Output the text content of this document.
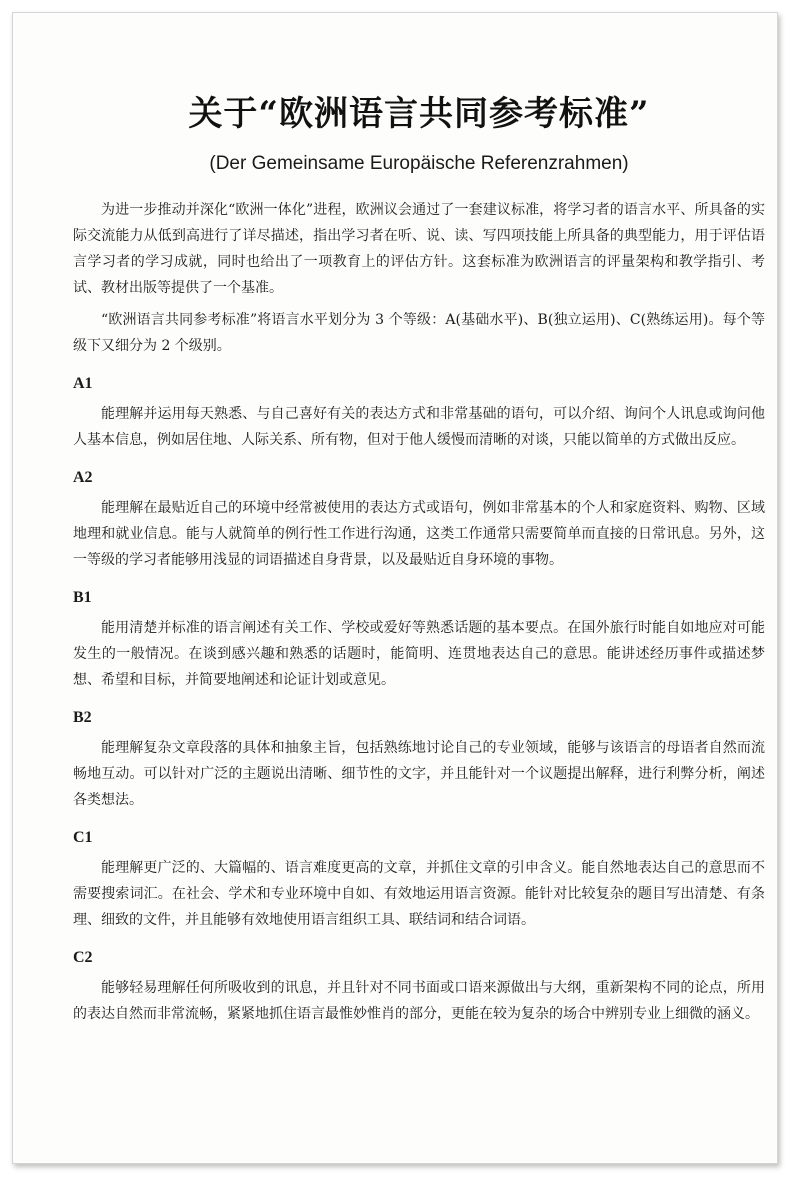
关于“欧洲语言共同参考标准”

(Der Gemeinsame Europäische Referenzrahmen)

为进一步推动并深化“欧洲一体化”进程，欧洲议会通过了一套建议标准，将学习者的语言水平、所具备的实际交流能力从低到高进行了详尽描述，指出学习者在听、说、读、写四项技能上所具备的典型能力，用于评估语言学习者的学习成就，同时也给出了一项教育上的评估方针。这套标准为欧洲语言的评量架构和教学指引、考试、教材出版等提供了一个基准。

“欧洲语言共同参考标准”将语言水平划分为 3 个等级：A(基础水平)、B(独立运用)、C(熟练运用)。每个等级下又细分为 2 个级别。

A1

能理解并运用每天熟悉、与自己喜好有关的表达方式和非常基础的语句，可以介绍、询问个人讯息或询问他人基本信息，例如居住地、人际关系、所有物，但对于他人缓慢而清晰的对谈，只能以简单的方式做出反应。

A2

能理解在最贴近自己的环境中经常被使用的表达方式或语句，例如非常基本的个人和家庭资料、购物、区域地理和就业信息。能与人就简单的例行性工作进行沟通，这类工作通常只需要简单而直接的日常讯息。另外，这一等级的学习者能够用浅显的词语描述自身背景，以及最贴近自身环境的事物。

B1

能用清楚并标准的语言阐述有关工作、学校或爱好等熟悉话题的基本要点。在国外旅行时能自如地应对可能发生的一般情况。在谈到感兴趣和熟悉的话题时，能简明、连贯地表达自己的意思。能讲述经历事件或描述梦想、希望和目标，并简要地阐述和论证计划或意见。

B2

能理解复杂文章段落的具体和抽象主旨，包括熟练地讨论自己的专业领域，能够与该语言的母语者自然而流畅地互动。可以针对广泛的主题说出清晰、细节性的文字，并且能针对一个议题提出解释，进行利弊分析，阐述各类想法。

C1

能理解更广泛的、大篇幅的、语言难度更高的文章，并抓住文章的引申含义。能自然地表达自己的意思而不需要搜索词汇。在社会、学术和专业环境中自如、有效地运用语言资源。能针对比较复杂的题目写出清楚、有条理、细致的文件，并且能够有效地使用语言组织工具、联结词和结合词语。

C2

能够轻易理解任何所吸收到的讯息，并且针对不同书面或口语来源做出与大纲，重新架构不同的论点，所用的表达自然而非常流畅，紧紧地抓住语言最惟妙惟肖的部分，更能在较为复杂的场合中辨别专业上细微的涵义。
